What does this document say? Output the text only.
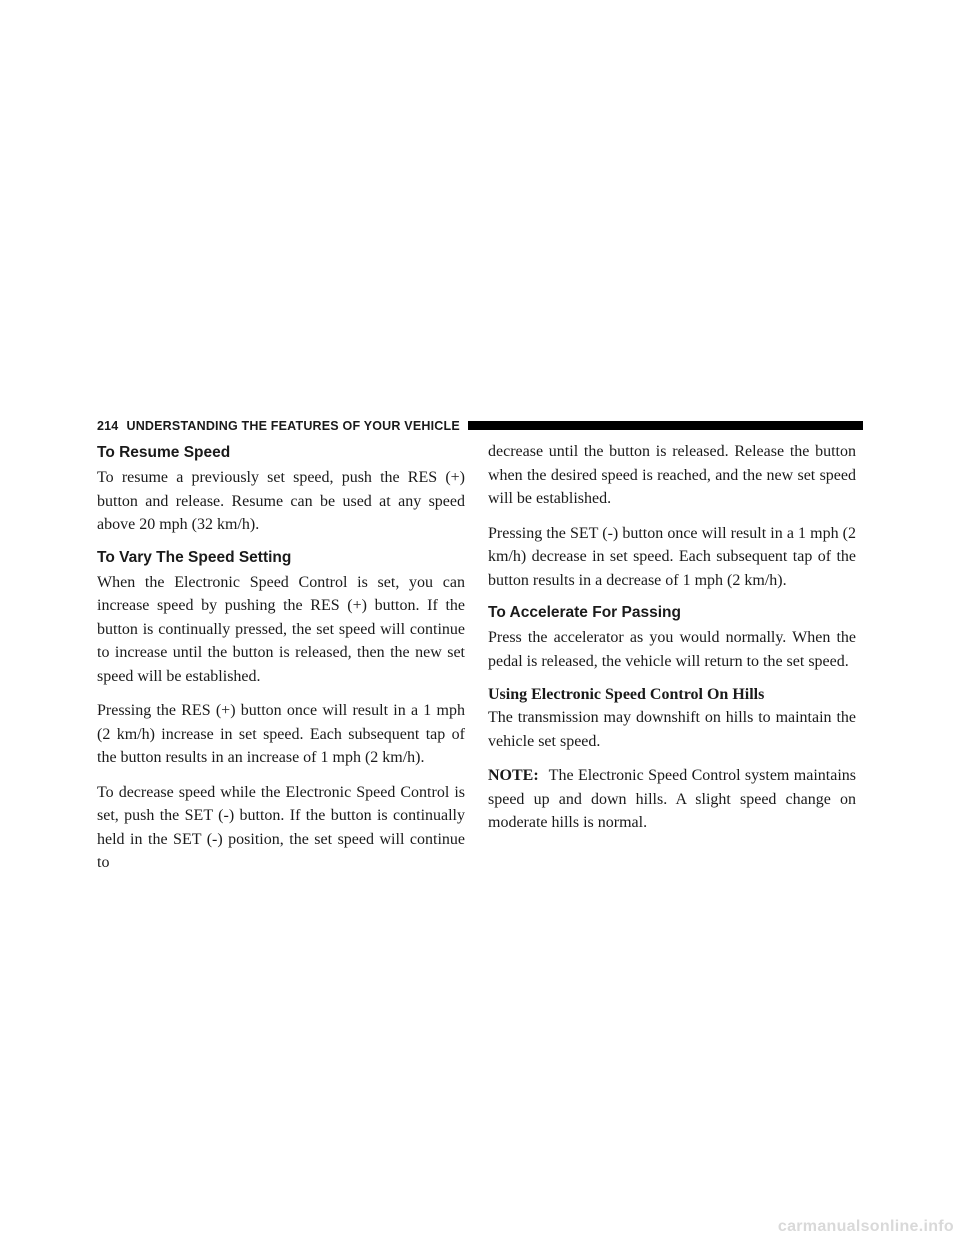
214 UNDERSTANDING THE FEATURES OF YOUR VEHICLE
To Resume Speed

To resume a previously set speed, push the RES (+) button and release. Resume can be used at any speed above 20 mph (32 km/h).

To Vary The Speed Setting

When the Electronic Speed Control is set, you can increase speed by pushing the RES (+) button. If the button is continually pressed, the set speed will continue to increase until the button is released, then the new set speed will be established.

Pressing the RES (+) button once will result in a 1 mph (2 km/h) increase in set speed. Each subsequent tap of the button results in an increase of 1 mph (2 km/h).

To decrease speed while the Electronic Speed Control is set, push the SET (-) button. If the button is continually held in the SET (-) position, the set speed will continue to

decrease until the button is released. Release the button when the desired speed is reached, and the new set speed will be established.

Pressing the SET (-) button once will result in a 1 mph (2 km/h) decrease in set speed. Each subsequent tap of the button results in a decrease of 1 mph (2 km/h).

To Accelerate For Passing

Press the accelerator as you would normally. When the pedal is released, the vehicle will return to the set speed.

Using Electronic Speed Control On Hills

The transmission may downshift on hills to maintain the vehicle set speed.

NOTE: The Electronic Speed Control system maintains speed up and down hills. A slight speed change on moderate hills is normal.

carmanualsonline.info
